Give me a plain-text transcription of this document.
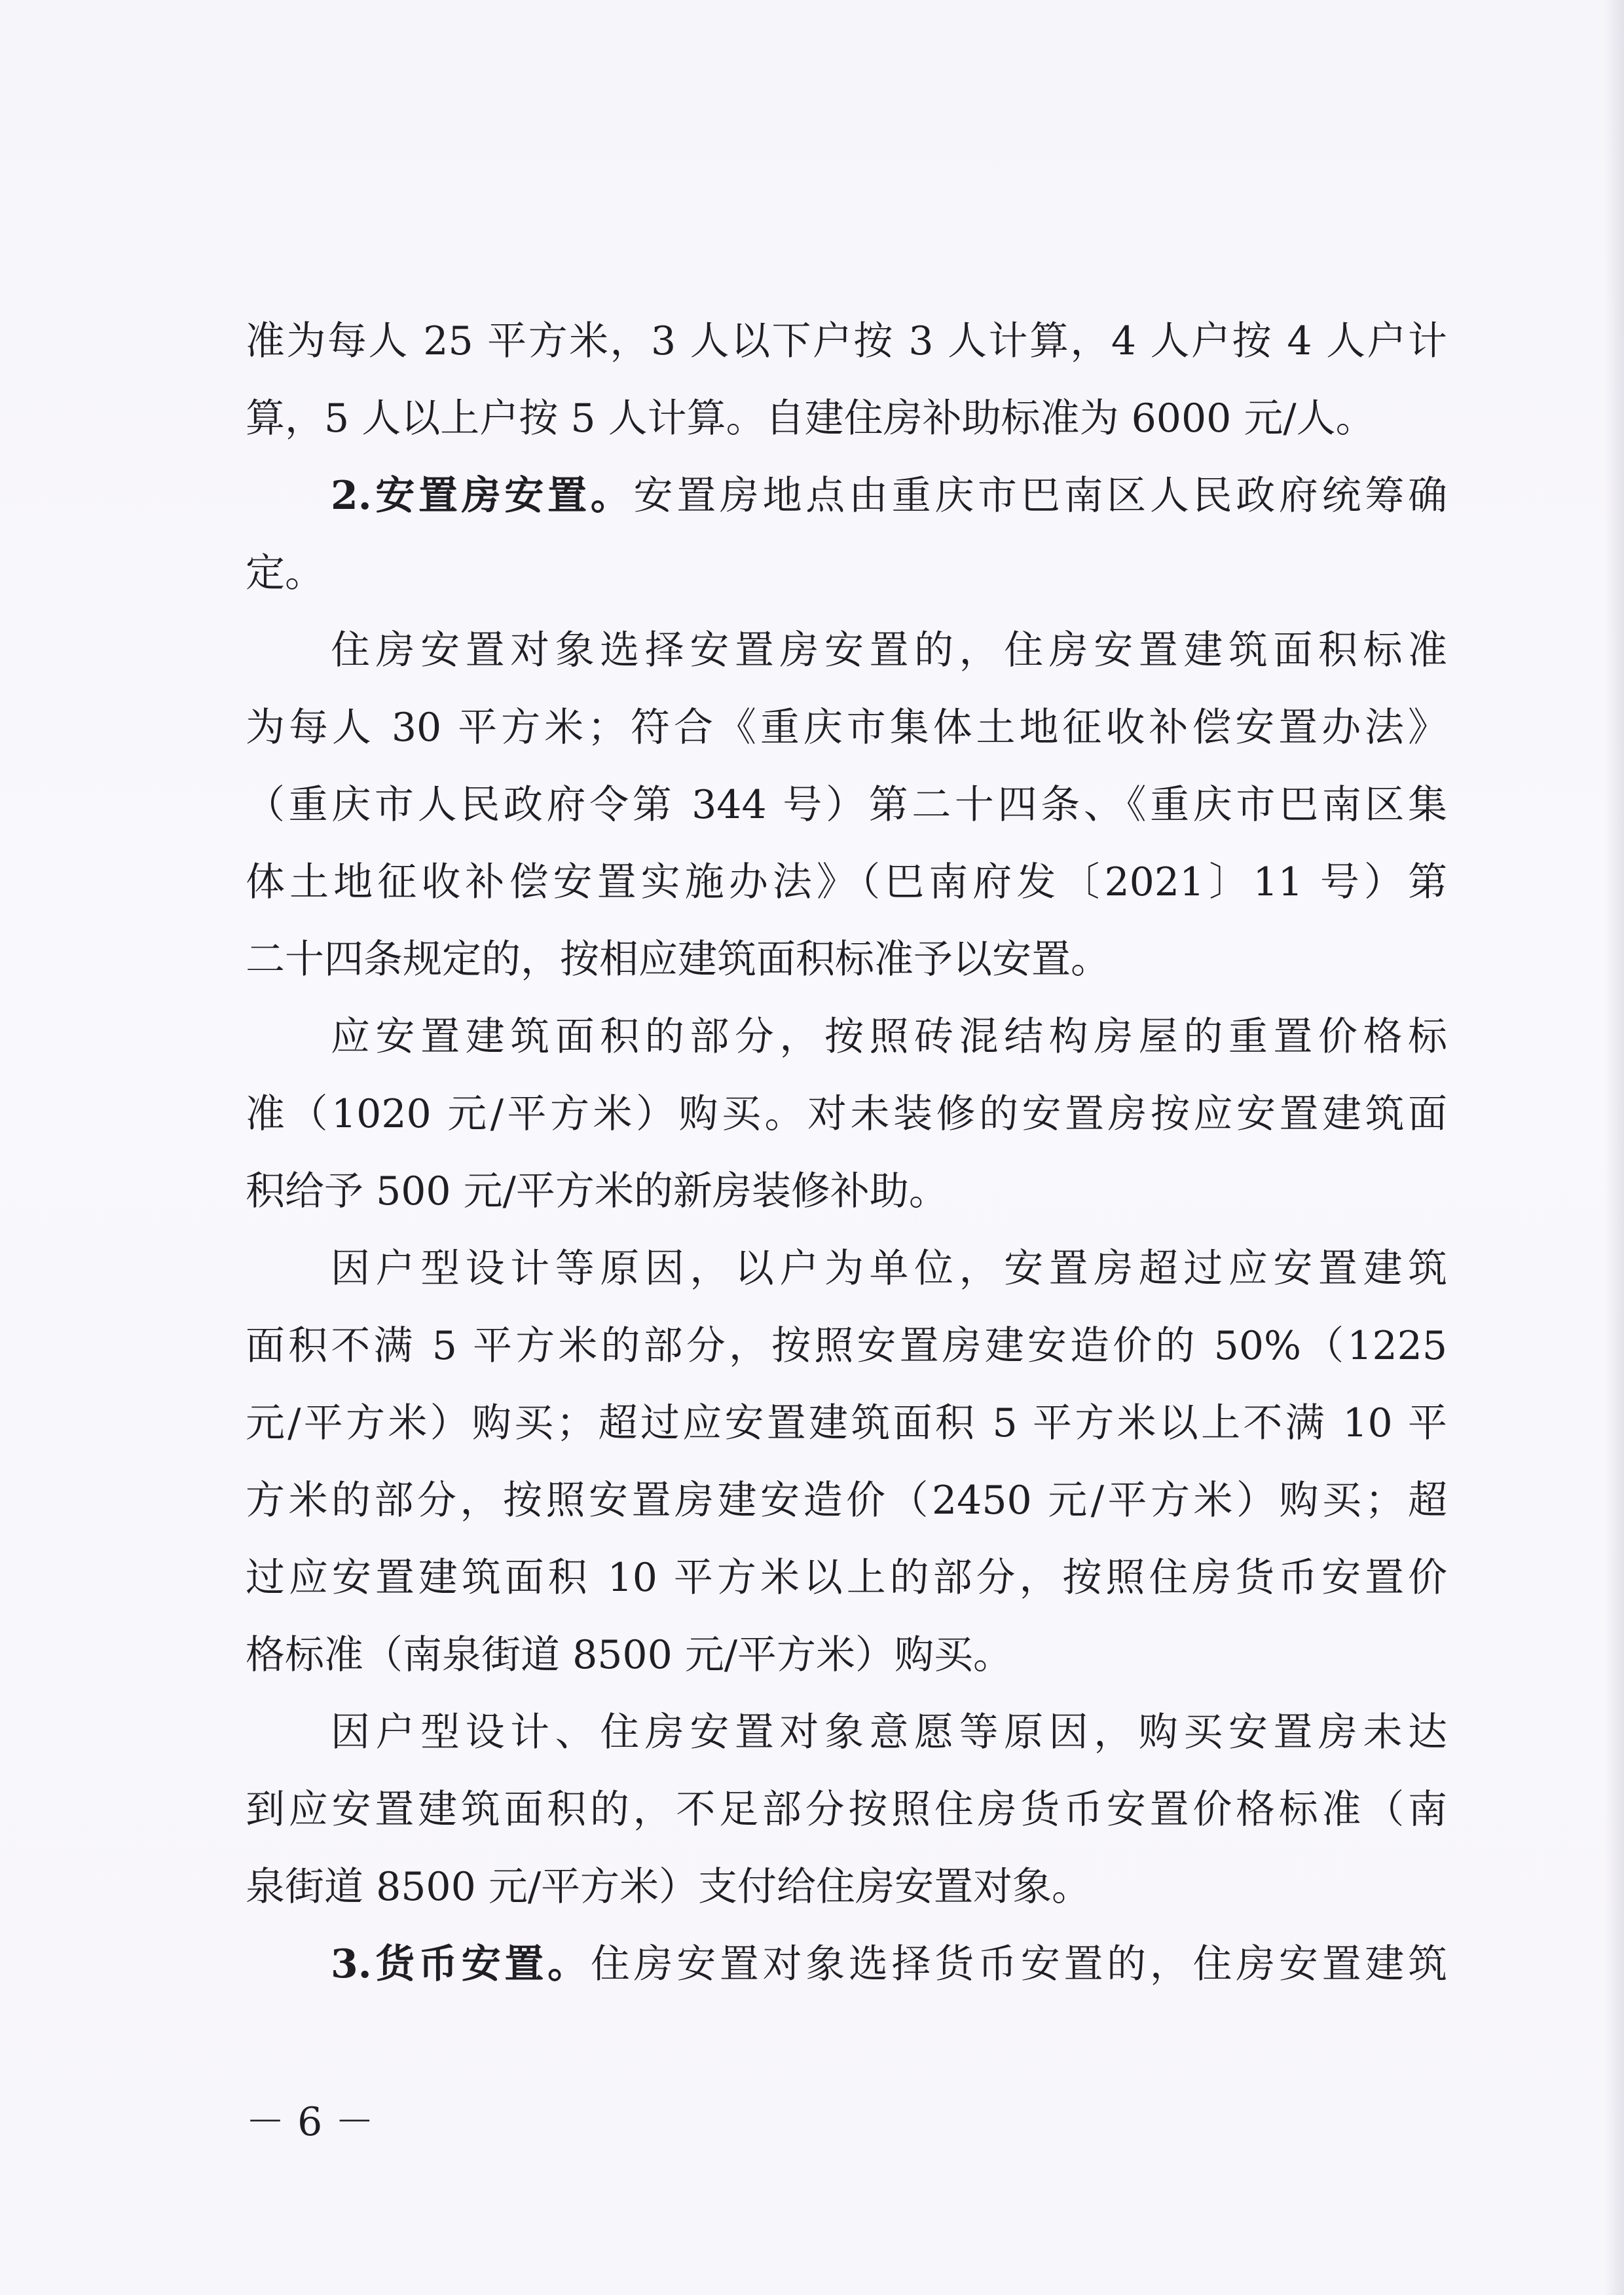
准为每人 25 平方米，3 人以下户按 3 人计算，4 人户按 4 人户计
算，5 人以上户按 5 人计算。自建住房补助标准为 6000 元/人。
2.安置房安置。安置房地点由重庆市巴南区人民政府统筹确
定。
住房安置对象选择安置房安置的，住房安置建筑面积标准
为每人 30 平方米；符合《重庆市集体土地征收补偿安置办法》
（重庆市人民政府令第 344 号）第二十四条、《重庆市巴南区集
体土地征收补偿安置实施办法》（巴南府发〔2021〕11 号）第
二十四条规定的，按相应建筑面积标准予以安置。
应安置建筑面积的部分，按照砖混结构房屋的重置价格标
准（1020 元/平方米）购买。对未装修的安置房按应安置建筑面
积给予 500 元/平方米的新房装修补助。
因户型设计等原因，以户为单位，安置房超过应安置建筑
面积不满 5 平方米的部分，按照安置房建安造价的 50%（1225
元/平方米）购买；超过应安置建筑面积 5 平方米以上不满 10 平
方米的部分，按照安置房建安造价（2450 元/平方米）购买；超
过应安置建筑面积 10 平方米以上的部分，按照住房货币安置价
格标准（南泉街道 8500 元/平方米）购买。
因户型设计、住房安置对象意愿等原因，购买安置房未达
到应安置建筑面积的，不足部分按照住房货币安置价格标准（南
泉街道 8500 元/平方米）支付给住房安置对象。
3.货币安置。住房安置对象选择货币安置的，住房安置建筑
－ 6 －
